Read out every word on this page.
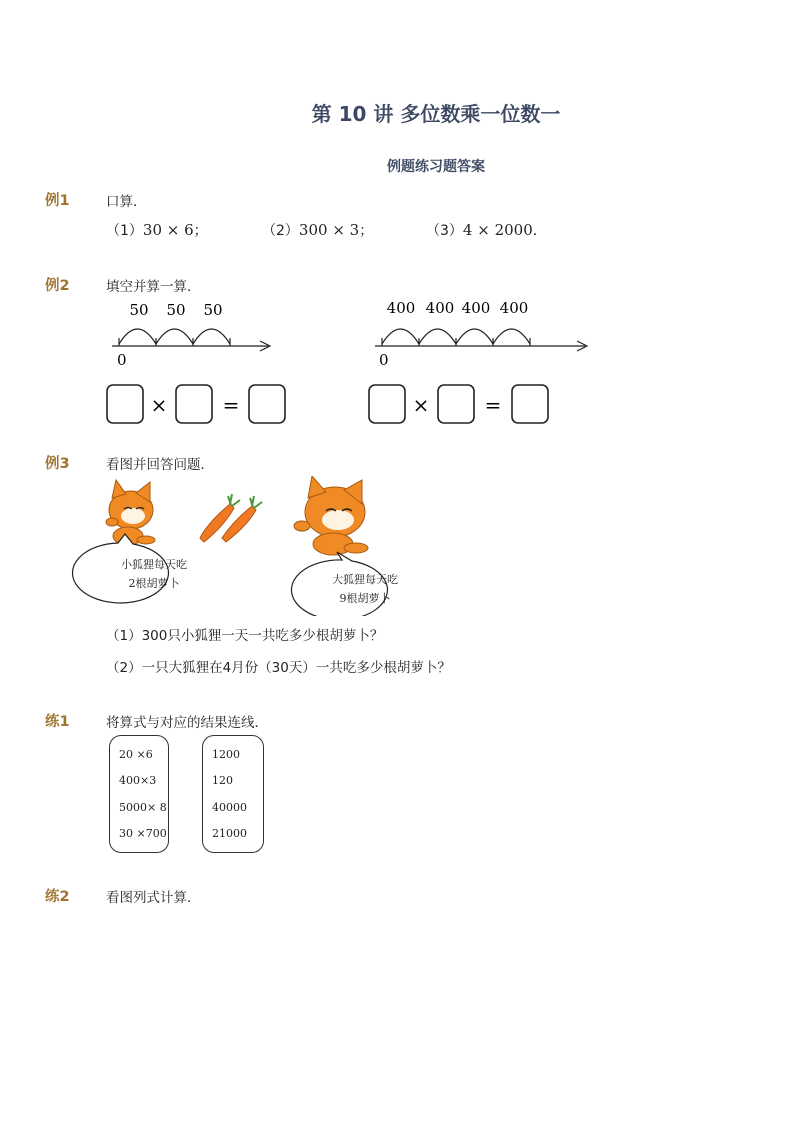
第 10 讲 多位数乘一位数一
例题练习题答案
例1	口算．
（1）30 × 6；	（2）300 × 3；	（3）4 × 2000．
例2	填空并算一算．
0
50 50 50
0
400 400 400 400
×	=	×	=
例3	看图并回答问题．
小狐狸每天吃
2根胡萝卜	大狐狸每天吃
9根胡萝卜
（1）300只小狐狸一天一共吃多少根胡萝卜？
（2）一只大狐狸在4月份（30天）一共吃多少根胡萝卜？
练1	将算式与对应的结果连线．
20 ×6
400×3
5000× 8
30 ×700
1200
120
40000
21000
练2	看图列式计算．
